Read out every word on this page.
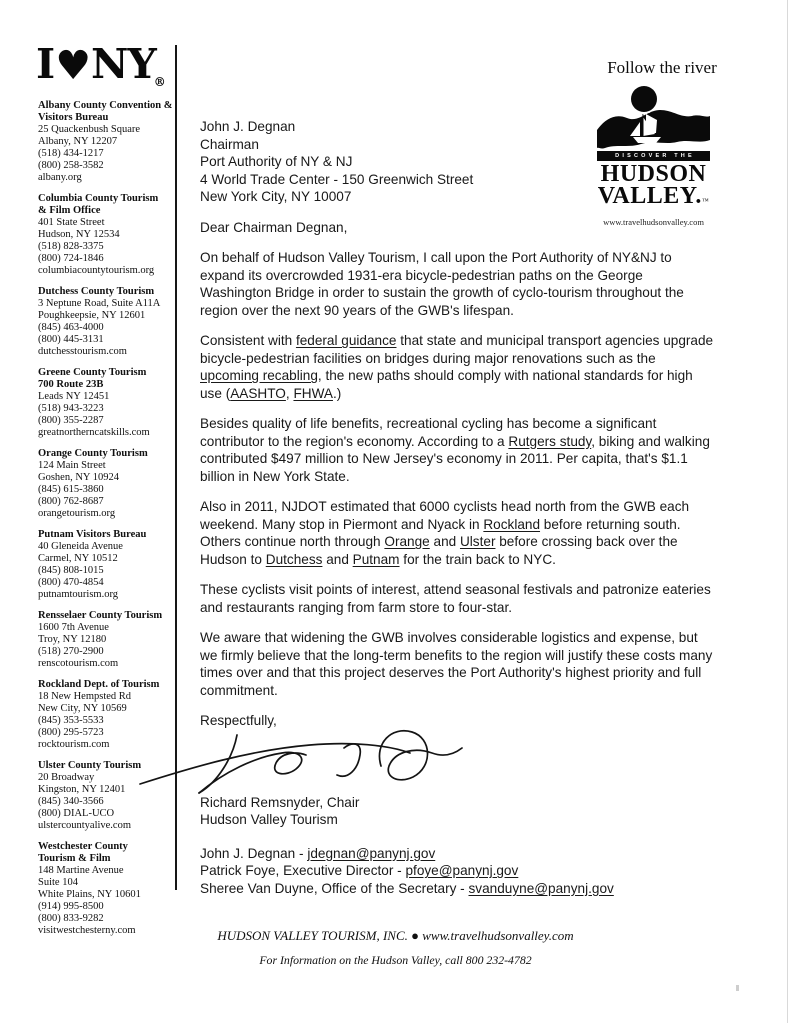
I♥NY®
Albany County Convention &
Visitors Bureau
25 Quackenbush Square
Albany, NY 12207
(518) 434-1217
(800) 258-3582
albany.org
Columbia County Tourism
& Film Office
401 State Street
Hudson, NY 12534
(518) 828-3375
(800) 724-1846
columbiacountytourism.org
Dutchess County Tourism
3 Neptune Road, Suite A11A
Poughkeepsie, NY 12601
(845) 463-4000
(800) 445-3131
dutchesstourism.com
Greene County Tourism
700 Route 23B
Leads NY 12451
(518) 943-3223
(800) 355-2287
greatnortherncatskills.com
Orange County Tourism
124 Main Street
Goshen, NY 10924
(845) 615-3860
(800) 762-8687
orangetourism.org
Putnam Visitors Bureau
40 Gleneida Avenue
Carmel, NY 10512
(845) 808-1015
(800) 470-4854
putnamtourism.org
Rensselaer County Tourism
1600 7th Avenue
Troy, NY 12180
(518) 270-2900
renscotourism.com
Rockland Dept. of Tourism
18 New Hempsted Rd
New City, NY 10569
(845) 353-5533
(800) 295-5723
rocktourism.com
Ulster County Tourism
20 Broadway
Kingston, NY 12401
(845) 340-3566
(800) DIAL-UCO
ulstercountyalive.com
Westchester County
Tourism & Film
148 Martine Avenue
Suite 104
White Plains, NY 10601
(914) 995-8500
(800) 833-9282
visitwestchesterny.com
Follow the river
DISCOVER THE
HUDSON
VALLEY.™
www.travelhudsonvalley.com
John J. Degnan
Chairman
Port Authority of NY & NJ
4 World Trade Center - 150 Greenwich Street
New York City, NY 10007
Dear Chairman Degnan,

On behalf of Hudson Valley Tourism, I call upon the Port Authority of NY&NJ to expand its overcrowded 1931-era bicycle-pedestrian paths on the George Washington Bridge in order to sustain the growth of cyclo-tourism throughout the region over the next 90 years of the GWB's lifespan.

Consistent with federal guidance that state and municipal transport agencies upgrade bicycle-pedestrian facilities on bridges during major renovations such as the upcoming recabling, the new paths should comply with national standards for high use (AASHTO, FHWA.)

Besides quality of life benefits, recreational cycling has become a significant contributor to the region's economy. According to a Rutgers study, biking and walking contributed $497 million to New Jersey's economy in 2011. Per capita, that's $1.1 billion in New York State.

Also in 2011, NJDOT estimated that 6000 cyclists head north from the GWB each weekend. Many stop in Piermont and Nyack in Rockland before returning south. Others continue north through Orange and Ulster before crossing back over the Hudson to Dutchess and Putnam for the train back to NYC.

These cyclists visit points of interest, attend seasonal festivals and patronize eateries and restaurants ranging from farm store to four-star.

We aware that widening the GWB involves considerable logistics and expense, but we firmly believe that the long-term benefits to the region will justify these costs many times over and that this project deserves the Port Authority's highest priority and full commitment.

Respectfully,
Richard Remsnyder, Chair
Hudson Valley Tourism
John J. Degnan - jdegnan@panynj.gov
Patrick Foye, Executive Director - pfoye@panynj.gov
Sheree Van Duyne, Office of the Secretary - svanduyne@panynj.gov
HUDSON VALLEY TOURISM, INC. ● www.travelhudsonvalley.com
For Information on the Hudson Valley, call 800 232-4782
